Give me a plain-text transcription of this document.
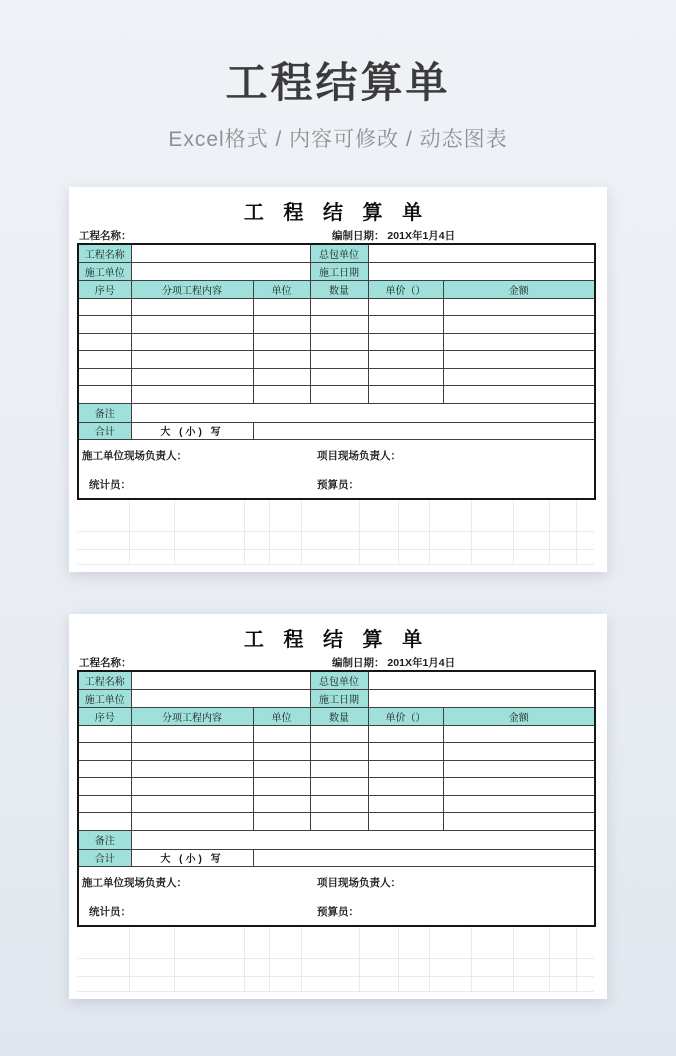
工程结算单

Excel格式 / 内容可修改 / 动态图表

工 程 结 算 单
工程名称：	编制日期： 201X年1月4日
工程名称			总包单位		
施工单位			施工日期		
序号	分项工程内容	单位	数量	单价（）	金额

备注					
合计	大 (小) 写				

施工单位现场负责人： 项目现场负责人：
统计员： 预算员：					
工 程 结 算 单
工程名称：	编制日期： 201X年1月4日
工程名称			总包单位		
施工单位			施工日期		
序号	分项工程内容	单位	数量	单价（）	金额

备注					
合计	大 (小) 写				

施工单位现场负责人： 项目现场负责人：
统计员： 预算员：					
